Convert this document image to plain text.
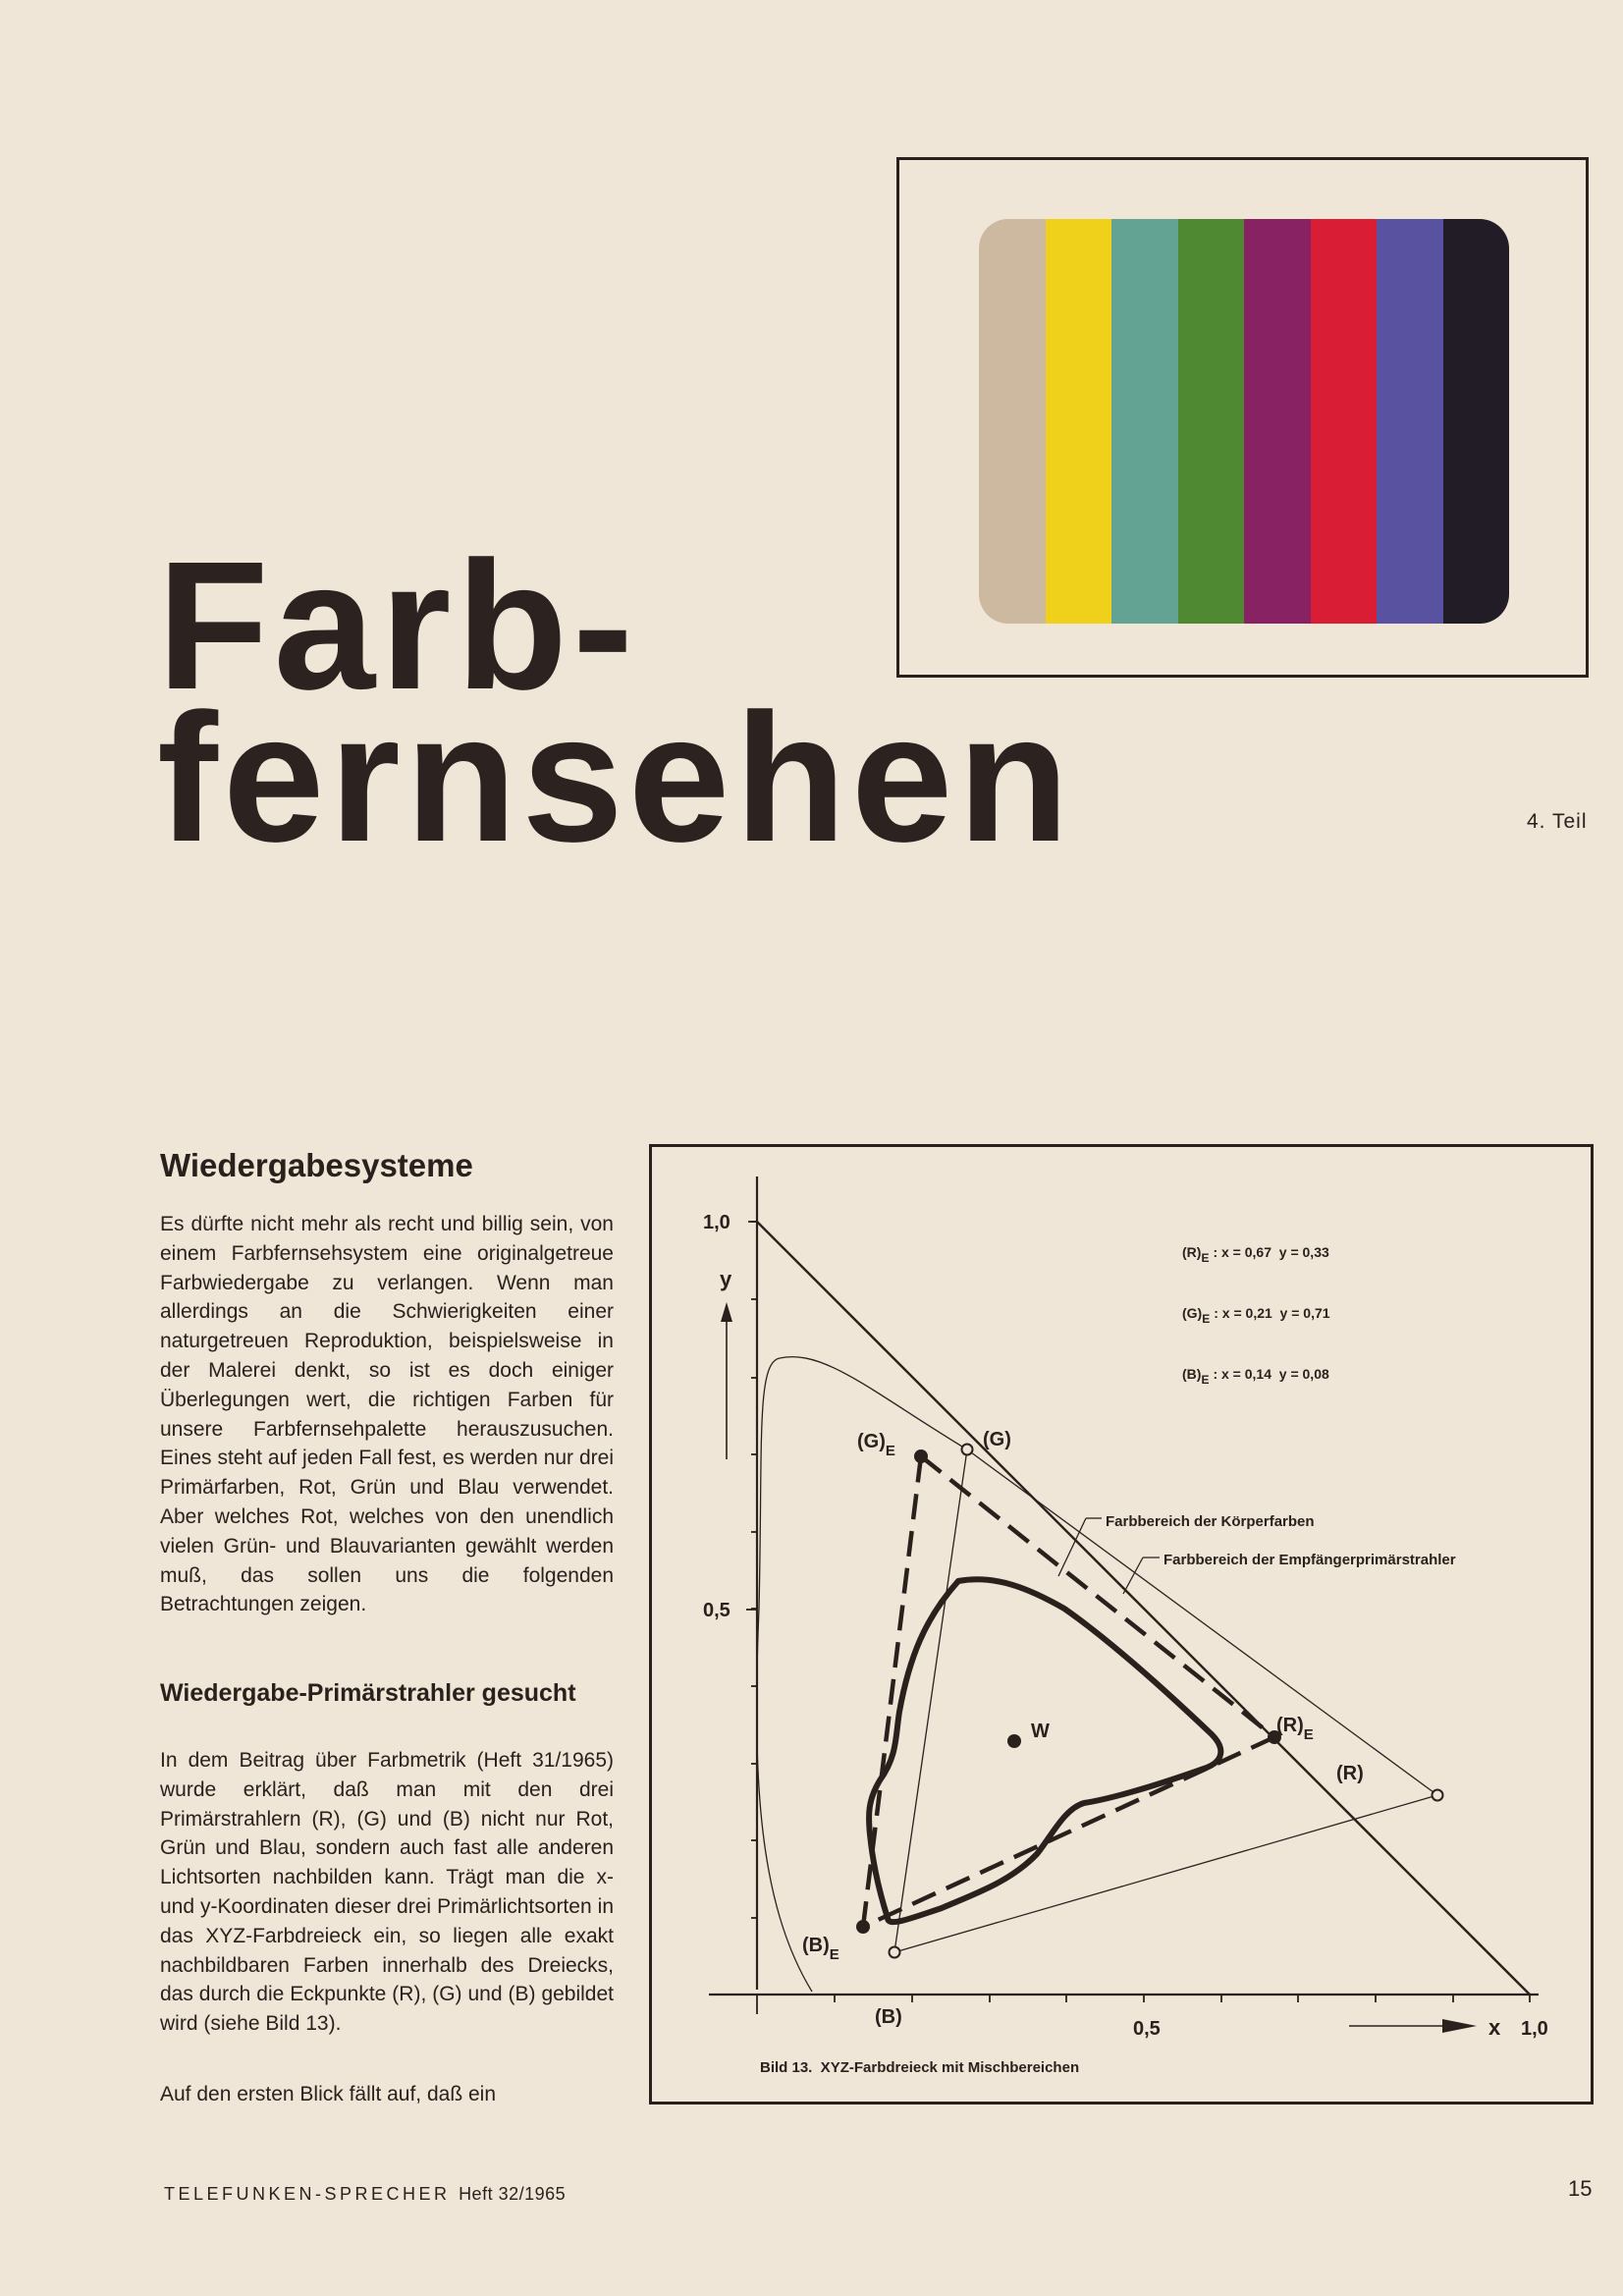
Farb-
fernsehen	4. Teil
Wiedergabesysteme

Es dürfte nicht mehr als recht und billig sein, von einem Farbfernsehsystem eine originalgetreue Farbwiedergabe zu verlangen. Wenn man allerdings an die Schwierigkeiten einer naturgetreuen Reproduktion, beispielsweise in der Malerei denkt, so ist es doch einiger Überlegungen wert, die richtigen Farben für unsere Farbfernsehpalette herauszusuchen. Eines steht auf jeden Fall fest, es werden nur drei Primärfarben, Rot, Grün und Blau verwendet. Aber welches Rot, welches von den unendlich vielen Grün- und Blauvarianten gewählt werden muß, das sollen uns die folgenden Betrachtungen zeigen.

Wiedergabe-Primärstrahler gesucht

In dem Beitrag über Farbmetrik (Heft 31/1965) wurde erklärt, daß man mit den drei Primärstrahlern (R), (G) und (B) nicht nur Rot, Grün und Blau, sondern auch fast alle anderen Lichtsorten nachbilden kann. Trägt man die x- und y-Koordinaten dieser drei Primärlichtsorten in das XYZ-Farbdreieck ein, so liegen alle exakt nachbildbaren Farben innerhalb des Dreiecks, das durch die Eckpunkte (R), (G) und (B) gebildet wird (siehe Bild 13).

Auf den ersten Blick fällt auf, daß ein

1,0
0,5
0,5	1,0
y
x
(R)E : x = 0,67  y = 0,33
(G)E : x = 0,21  y = 0,71
(B)E : x = 0,14  y = 0,08
Farbbereich der Körperfarben
Farbbereich der Empfängerprimärstrahler
(G)
$(G)_E$
$(R)_E$
(R)
$(B)_E$
(B)
W
Bild 13.  XYZ-Farbdreieck mit Mischbereichen
TELEFUNKEN-SPRECHER Heft 32/1965	15
